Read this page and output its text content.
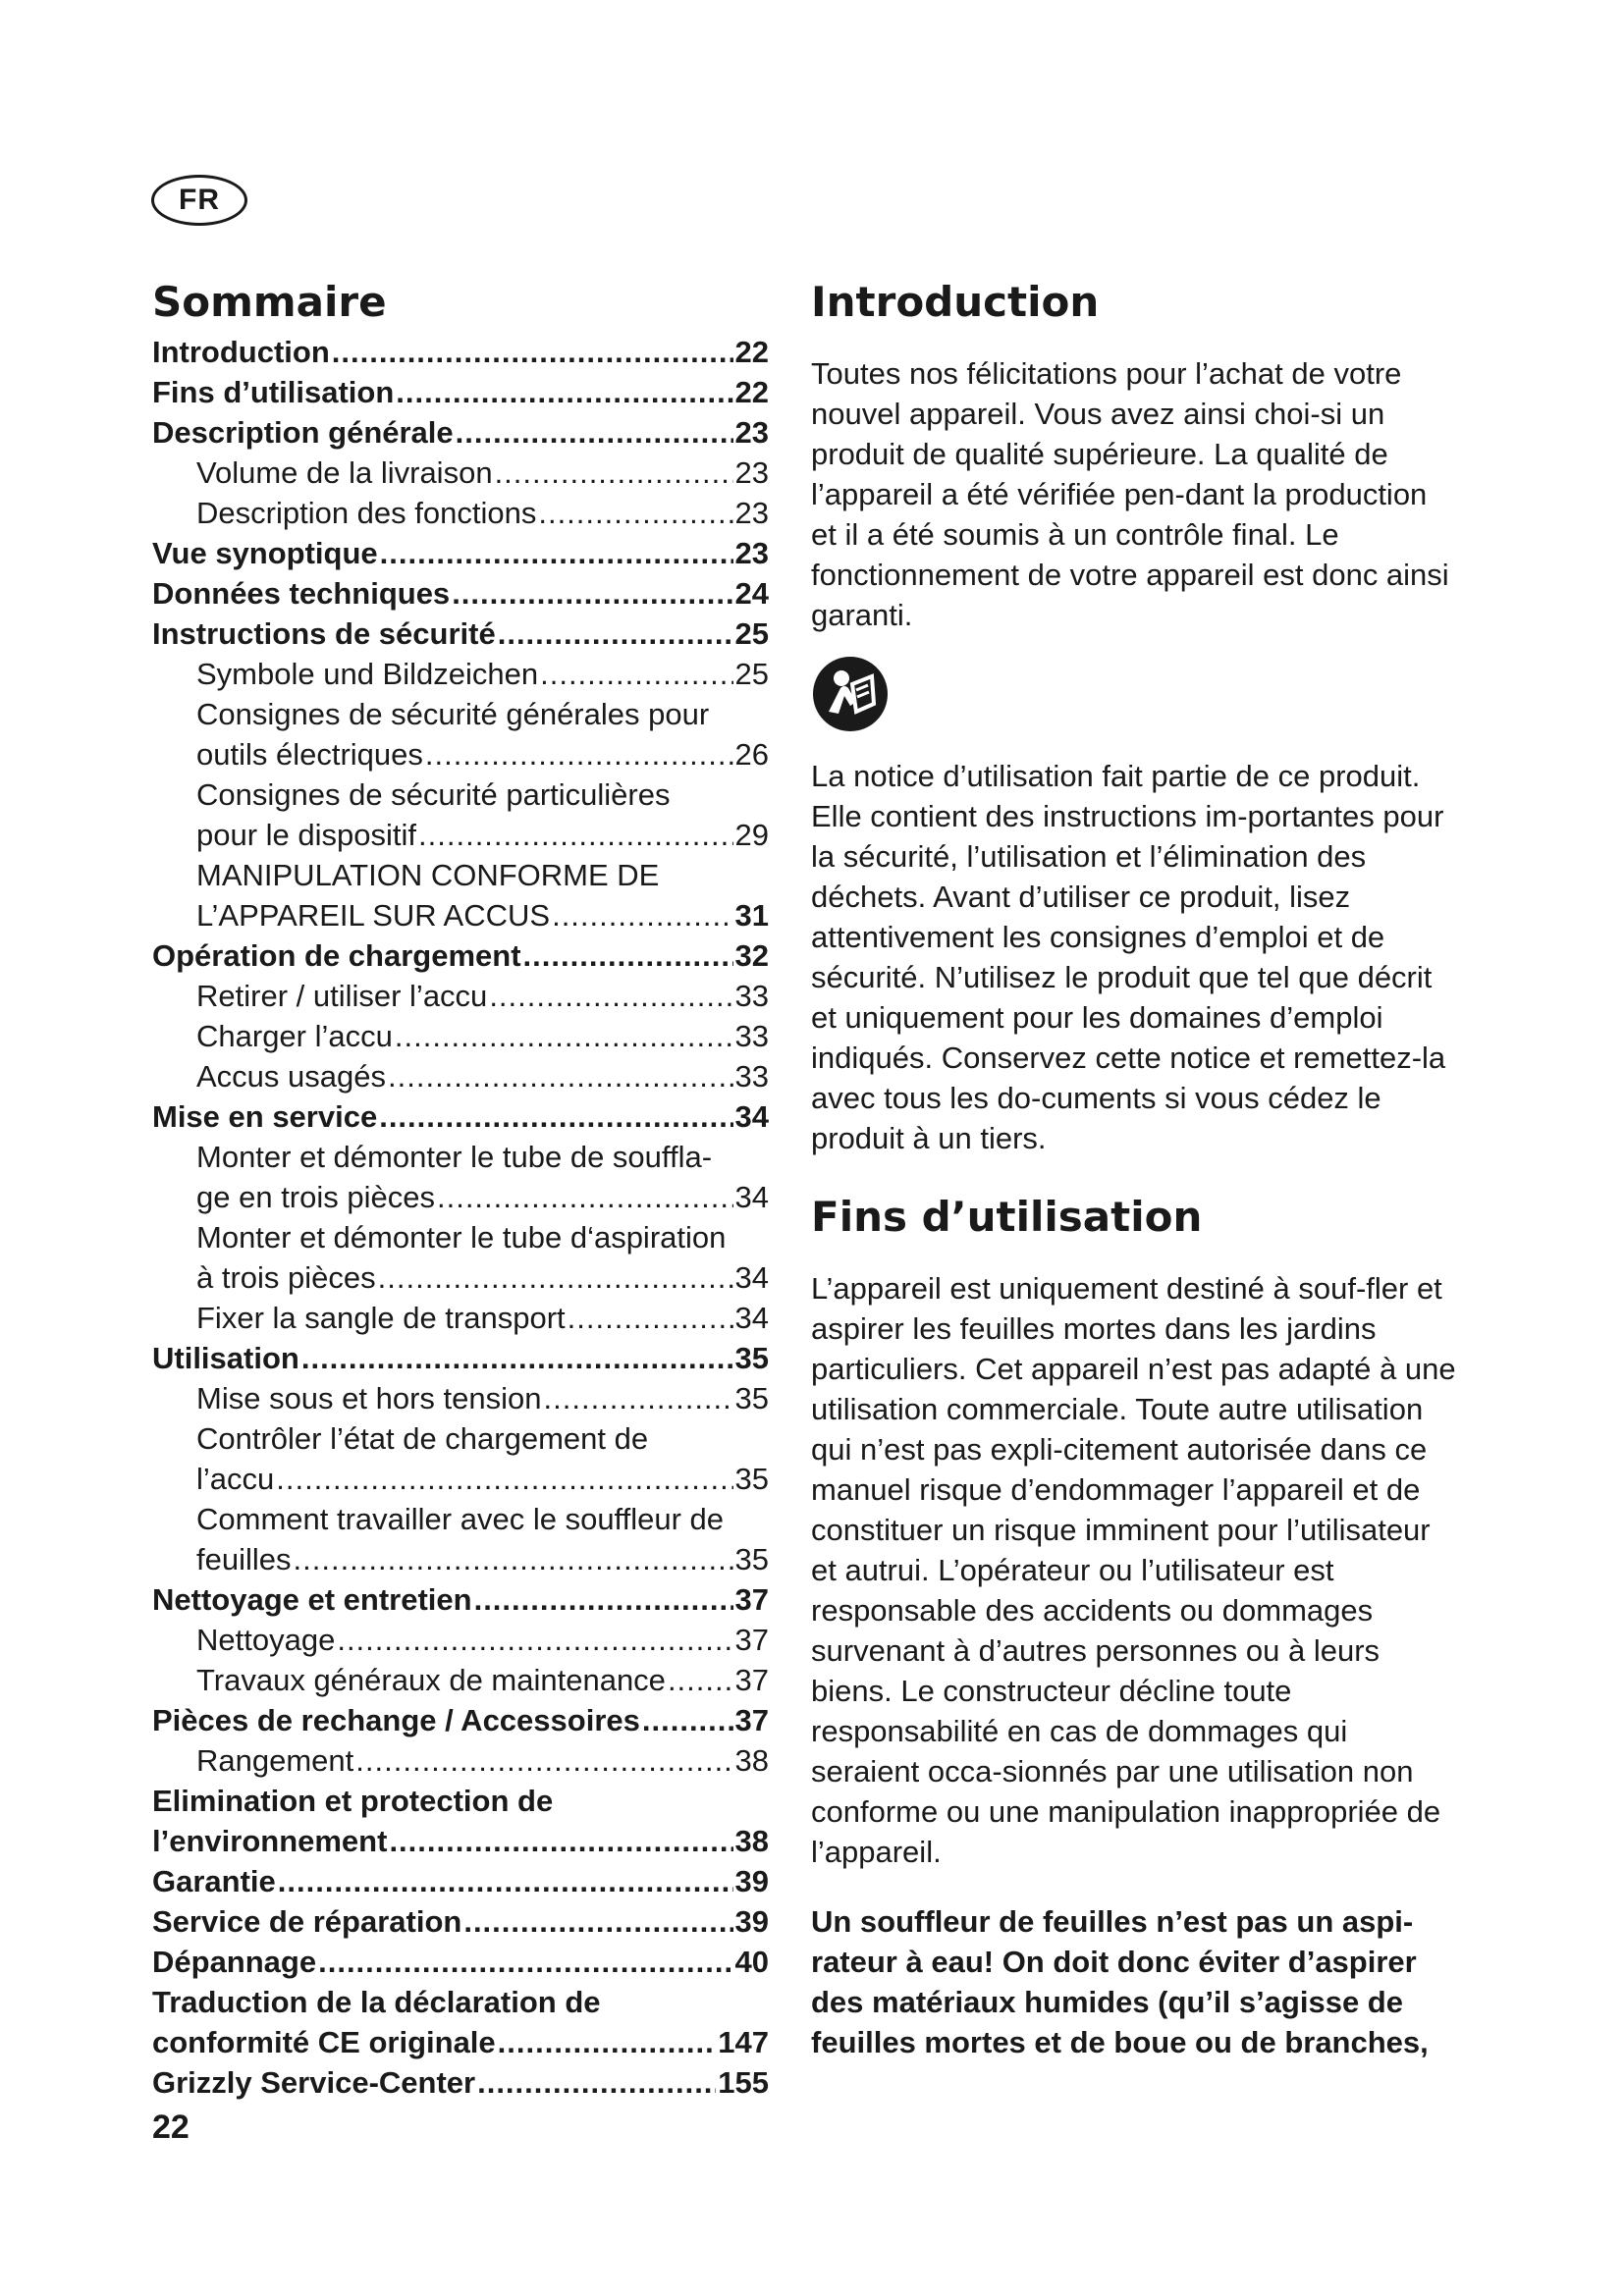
FR
Sommaire
Introduction .....	22
Fins d’utilisation .....	22
Description générale .....	23
Volume de la livraison .....	23
Description des fonctions .....	23
Vue synoptique .....	23
Données techniques .....	24
Instructions de sécurité .....	25
Symbole und Bildzeichen .....	25
Consignes de sécurité générales pour
outils électriques .....	26
Consignes de sécurité particulières
pour le dispositif .....	29
MANIPULATION CONFORME DE
L’APPAREIL SUR ACCUS .....	31
Opération de chargement .....	32
Retirer / utiliser l’accu .....	33
Charger l’accu .....	33
Accus usagés .....	33
Mise en service .....	34
Monter et démonter le tube de souffla-
ge en trois pièces .....	34
Monter et démonter le tube d‘aspiration
à trois pièces .....	34
Fixer la sangle de transport .....	34
Utilisation .....	35
Mise sous et hors tension .....	35
Contrôler l’état de chargement de
l’accu .....	35
Comment travailler avec le souffleur de
feuilles .....	35
Nettoyage et entretien .....	37
Nettoyage .....	37
Travaux généraux de maintenance ..... 37
Pièces de rechange / Accessoires .....	37
Rangement .....	38
Elimination et protection de
l’environnement .....	38
Garantie .....	39
Service de réparation .....	39
Dépannage .....	40
Traduction de la déclaration de
conformité CE originale .....	147
Grizzly Service-Center .....	155
22
Introduction

Toutes nos félicitations pour l’achat de votre nouvel appareil. Vous avez ainsi choi-si un produit de qualité supérieure. La qualité de l’appareil a été vérifiée pen-dant la production et il a été soumis à un contrôle final. Le fonctionnement de votre appareil est donc ainsi garanti.

La notice d’utilisation fait partie de ce produit. Elle contient des instructions im-portantes pour la sécurité, l’utilisation et l’élimination des déchets. Avant d’utiliser ce produit, lisez attentivement les consignes d’emploi et de sécurité. N’utilisez le produit que tel que décrit et uniquement pour les domaines d’emploi indiqués. Conservez cette notice et remettez-la avec tous les do-cuments si vous cédez le produit à un tiers.

Fins d’utilisation

L’appareil est uniquement destiné à souf-fler et aspirer les feuilles mortes dans les jardins particuliers. Cet appareil n’est pas adapté à une utilisation commerciale. Toute autre utilisation qui n’est pas expli-citement autorisée dans ce manuel risque d’endommager l’appareil et de constituer un risque imminent pour l’utilisateur et autrui. L’opérateur ou l’utilisateur est responsable des accidents ou dommages survenant à d’autres personnes ou à leurs biens. Le constructeur décline toute responsabilité en cas de dommages qui seraient occa-sionnés par une utilisation non conforme ou une manipulation inappropriée de l’appareil.

Un souffleur de feuilles n’est pas un aspi-rateur à eau! On doit donc éviter d’aspirer des matériaux humides (qu’il s’agisse de feuilles mortes et de boue ou de branches,
